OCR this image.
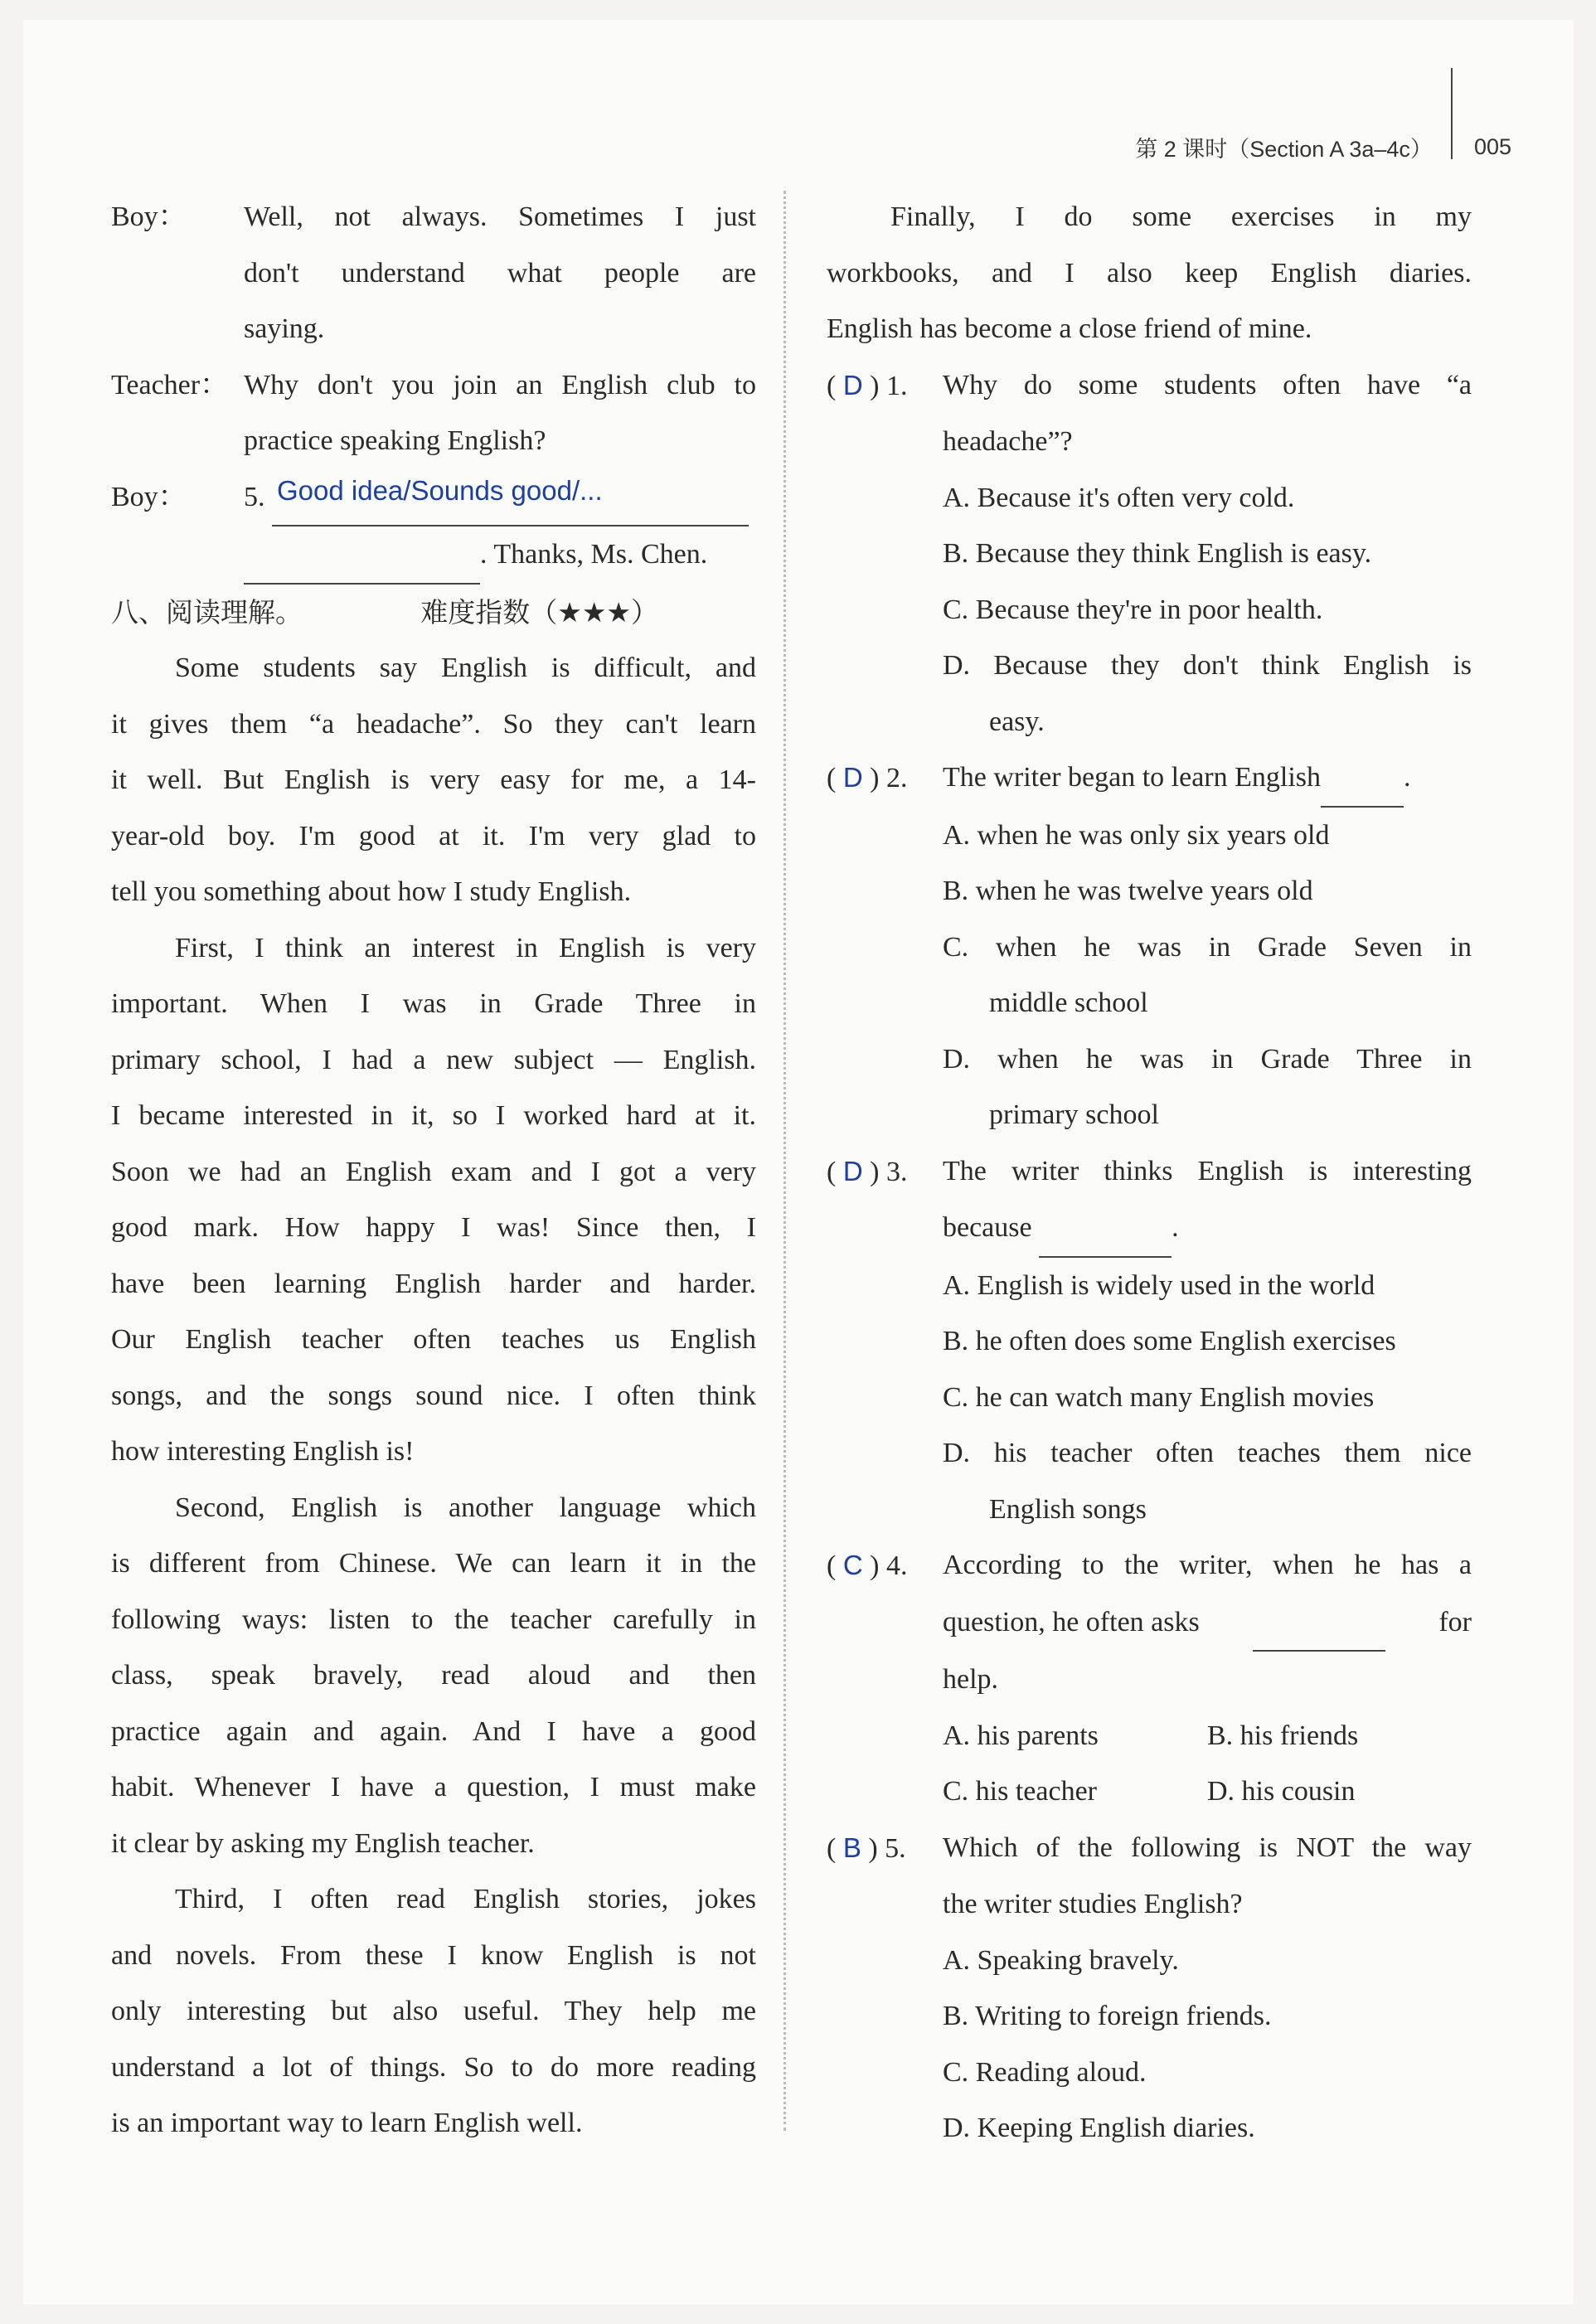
第 2 课时（Section A 3a–4c） 005
Boy：	Well, not always. Sometimes I just
don't understand what people are
saying.
Teacher： Why don't you join an English club to
practice speaking English?
Boy：	5. Good idea/Sounds good/...

. Thanks, Ms. Chen.
八、阅读理解。	难度指数（★★★）
Some students say English is difficult, and
it gives them “a headache”. So they can't learn
it well. But English is very easy for me, a 14-
year-old boy. I'm good at it. I'm very glad to
tell you something about how I study English.
First, I think an interest in English is very
important. When I was in Grade Three in
primary school, I had a new subject — English.
I became interested in it, so I worked hard at it.
Soon we had an English exam and I got a very
good mark. How happy I was! Since then, I
have been learning English harder and harder.
Our English teacher often teaches us English
songs, and the songs sound nice. I often think
how interesting English is!
Second, English is another language which
is different from Chinese. We can learn it in the
following ways: listen to the teacher carefully in
class, speak bravely, read aloud and then
practice again and again. And I have a good
habit. Whenever I have a question, I must make
it clear by asking my English teacher.
Third, I often read English stories, jokes
and novels. From these I know English is not
only interesting but also useful. They help me
understand a lot of things. So to do more reading
is an important way to learn English well.
Finally, I do some exercises in my
workbooks, and I also keep English diaries.
English has become a close friend of mine.
( D ) 1.	Why do some students often have “a
headache”?
A. Because it's often very cold.
B. Because they think English is easy.
C. Because they're in poor health.
D. Because they don't think English is
easy.
( D ) 2.	The writer began to learn English
	.
A. when he was only six years old
B. when he was twelve years old
C. when he was in Grade Seven in
middle school
D. when he was in Grade Three in
primary school
( D ) 3.	The writer thinks English is interesting
because	.
A. English is widely used in the world
B. he often does some English exercises
C. he can watch many English movies
D. his teacher often teaches them nice
English songs
( C ) 4.	According to the writer, when he has a
question, he often asks
	for
help.
A. his parents	B. his friends
C. his teacher	D. his cousin
( B ) 5.	Which of the following is NOT the way
the writer studies English?
A. Speaking bravely.
B. Writing to foreign friends.
C. Reading aloud.
D. Keeping English diaries.
